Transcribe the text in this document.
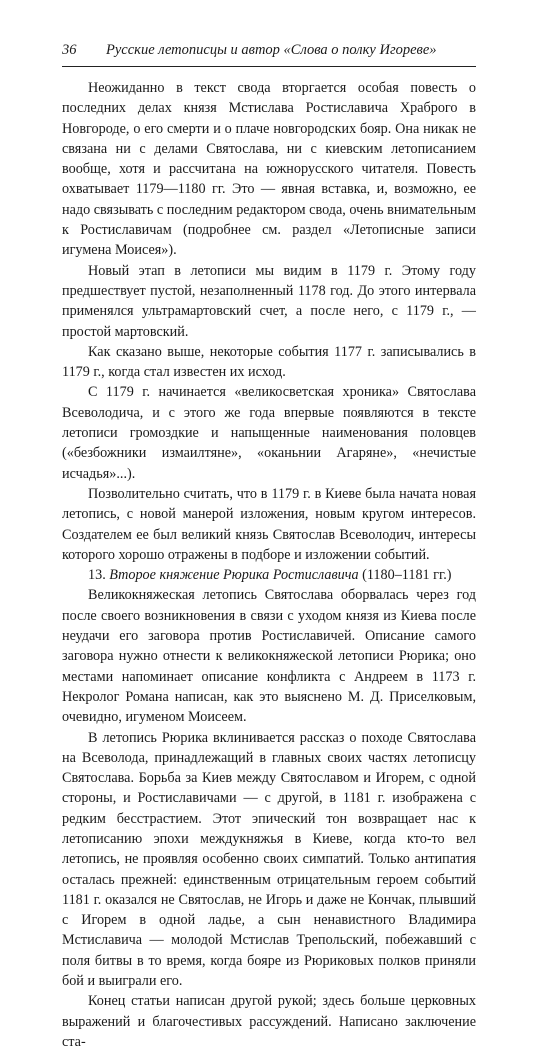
36 Русские летописцы и автор «Слова о полку Игореве»

Неожиданно в текст свода вторгается особая повесть о последних делах князя Мстислава Ростиславича Храброго в Новгороде, о его смерти и о плаче новгородских бояр. Она никак не связана ни с делами Святослава, ни с киевским летописанием вообще, хотя и рассчитана на южнорусского читателя. Повесть охватывает 1179—1180 гг. Это — явная вставка, и, возможно, ее надо связывать с последним редактором свода, очень внимательным к Ростиславичам (подробнее см. раздел «Летописные записи игумена Моисея»).

Новый этап в летописи мы видим в 1179 г. Этому году предшествует пустой, незаполненный 1178 год. До этого интервала применялся ультрамартовский счет, а после него, с 1179 г., — простой мартовский.

Как сказано выше, некоторые события 1177 г. записывались в 1179 г., когда стал известен их исход.

С 1179 г. начинается «великосветская хроника» Святослава Всеволодича, и с этого же года впервые появляются в тексте летописи громоздкие и напыщенные наименования половцев («безбожники измаилтяне», «оканьнии Агаряне», «нечистые исчадья»...).

Позволительно считать, что в 1179 г. в Киеве была начата новая летопись, с новой манерой изложения, новым кругом интересов. Создателем ее был великий князь Святослав Всеволодич, интересы которого хорошо отражены в подборе и изложении событий.

13. Второе княжение Рюрика Ростиславича (1180–1181 гг.)

Великокняжеская летопись Святослава оборвалась через год после своего возникновения в связи с уходом князя из Киева после неудачи его заговора против Ростиславичей. Описание самого заговора нужно отнести к великокняжеской летописи Рюрика; оно местами напоминает описание конфликта с Андреем в 1173 г. Некролог Романа написан, как это выяснено М. Д. Приселковым, очевидно, игуменом Моисеем.

В летопись Рюрика вклинивается рассказ о походе Святослава на Всеволода, принадлежащий в главных своих частях летописцу Святослава. Борьба за Киев между Святославом и Игорем, с одной стороны, и Ростиславичами — с другой, в 1181 г. изображена с редким бесстрастием. Этот эпический тон возвращает нас к летописанию эпохи междукняжья в Киеве, когда кто-то вел летопись, не проявляя особенно своих симпатий. Только антипатия осталась прежней: единственным отрицательным героем событий 1181 г. оказался не Святослав, не Игорь и даже не Кончак, плывший с Игорем в одной ладье, а сын ненавистного Владимира Мстиславича — молодой Мстислав Трепольский, побежавший с поля битвы в то время, когда бояре из Рюриковых полков приняли бой и выиграли его.

Конец статьи написан другой рукой; здесь больше церковных выражений и благочестивых рассуждений. Написано заключение ста-
